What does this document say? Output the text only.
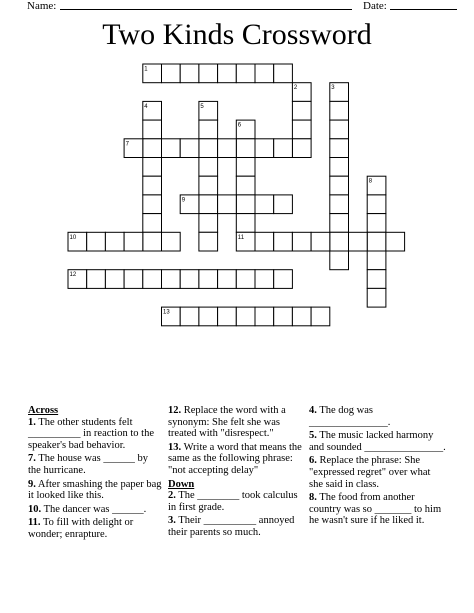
Name:	Date:
Two Kinds Crossword
1
2	3
4	5
6
7
8
9
10	11
12
13
Across

1. The other students felt __________ in reaction to the speaker's bad behavior.

7. The house was ______ by the hurricane.

9. After smashing the paper bag it looked like this.

10. The dancer was ______.

11. To fill with delight or wonder; enrapture.

12. Replace the word with a synonym: She felt she was treated with "disrespect."

13. Write a word that means the same as the following phrase: "not accepting delay"

Down

2. The ________ took calculus in first grade.

3. Their __________ annoyed their parents so much.

4. The dog was _______________.

5. The music lacked harmony and sounded _______________.

6. Replace the phrase: She "expressed regret" over what she said in class.

8. The food from another country was so _______ to him he wasn't sure if he liked it.
